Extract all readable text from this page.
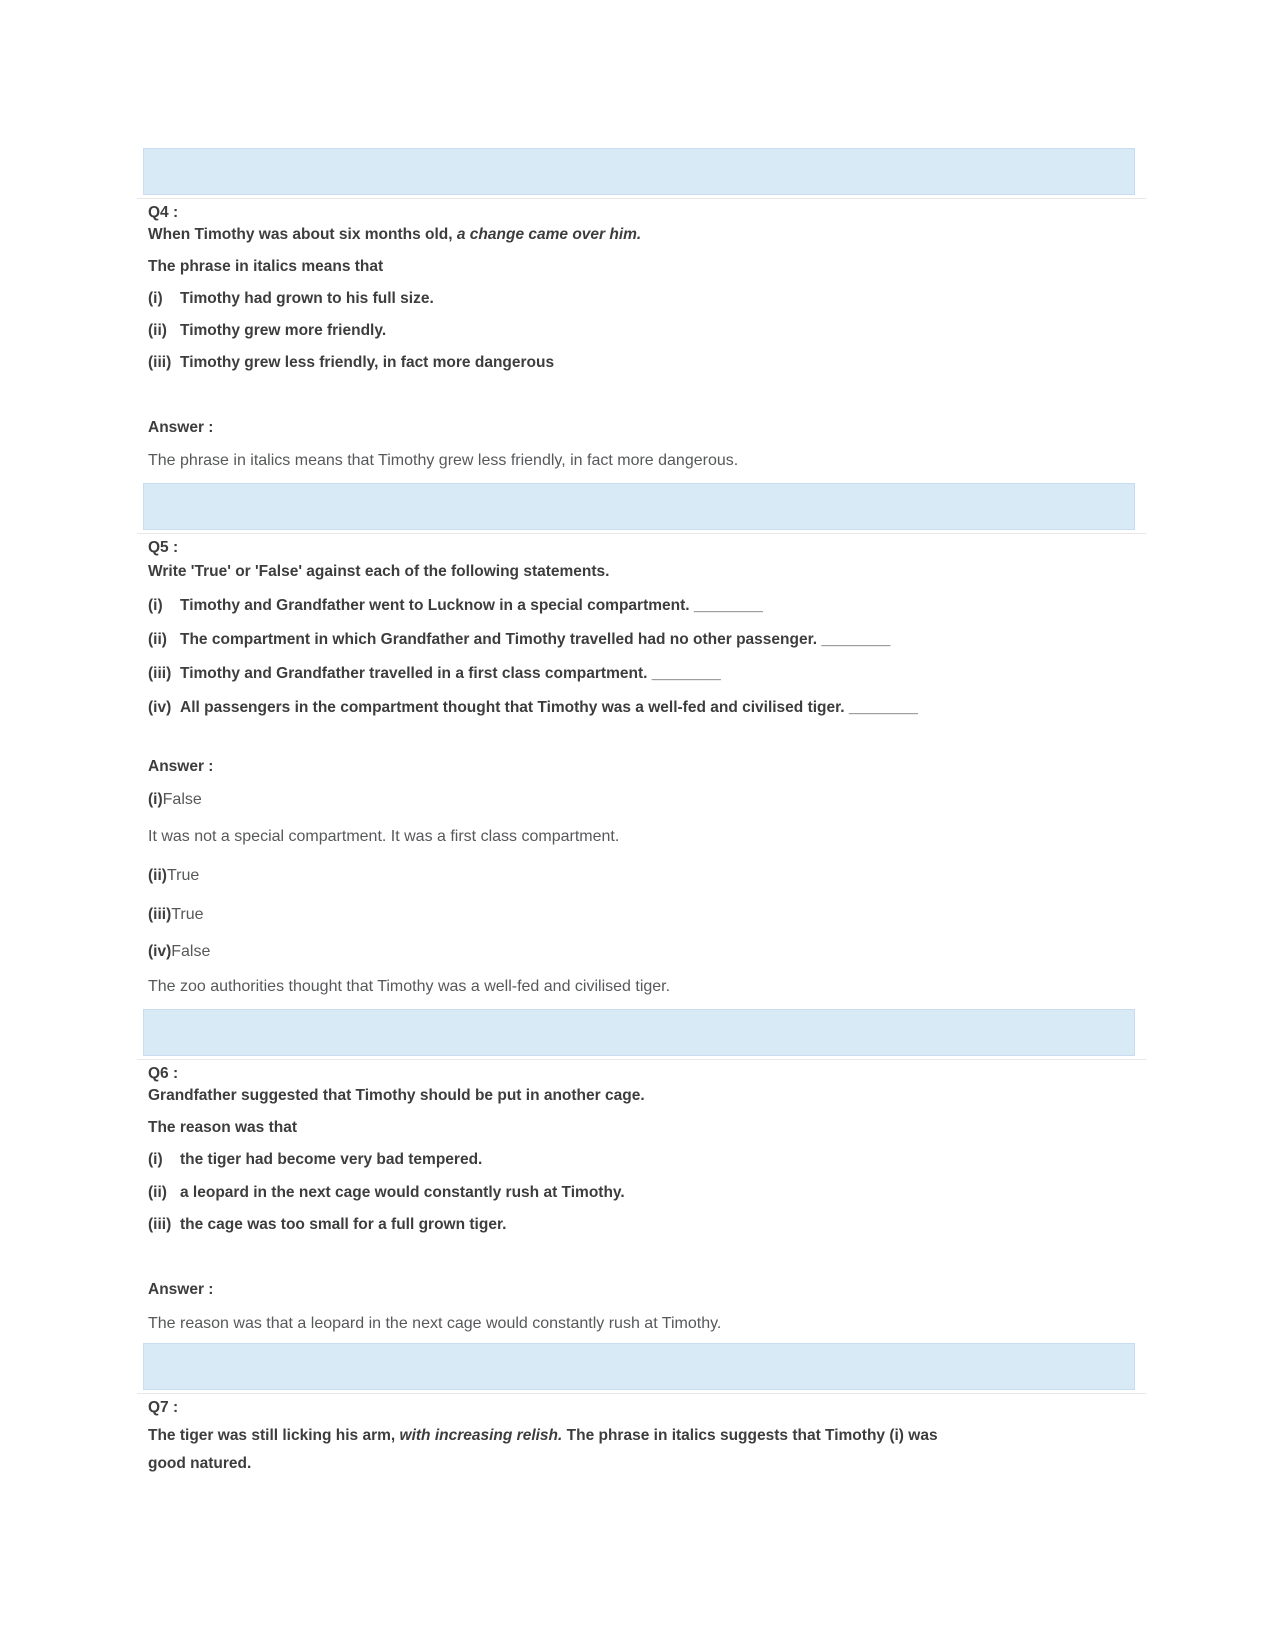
Q4 :

When Timothy was about six months old, a change came over him.

The phrase in italics means that

(i)	Timothy had grown to his full size.
(ii) Timothy grew more friendly.
(iii) Timothy grew less friendly, in fact more dangerous

Answer :

The phrase in italics means that Timothy grew less friendly, in fact more dangerous.

Q5 :

Write 'True' or 'False' against each of the following statements.

(i)	Timothy and Grandfather went to Lucknow in a special compartment. ________
(ii) The compartment in which Grandfather and Timothy travelled had no other passenger. ________
(iii) Timothy and Grandfather travelled in a first class compartment. ________
(iv) All passengers in the compartment thought that Timothy was a well-fed and civilised tiger. ________

Answer :

(i)False

It was not a special compartment. It was a first class compartment.

(ii)True

(iii)True

(iv)False

The zoo authorities thought that Timothy was a well-fed and civilised tiger.

Q6 :

Grandfather suggested that Timothy should be put in another cage.

The reason was that

(i)	the tiger had become very bad tempered.
(ii) a leopard in the next cage would constantly rush at Timothy.
(iii) the cage was too small for a full grown tiger.

Answer :

The reason was that a leopard in the next cage would constantly rush at Timothy.

Q7 :

The tiger was still licking his arm, with increasing relish. The phrase in italics suggests that Timothy (i) was good natured.
